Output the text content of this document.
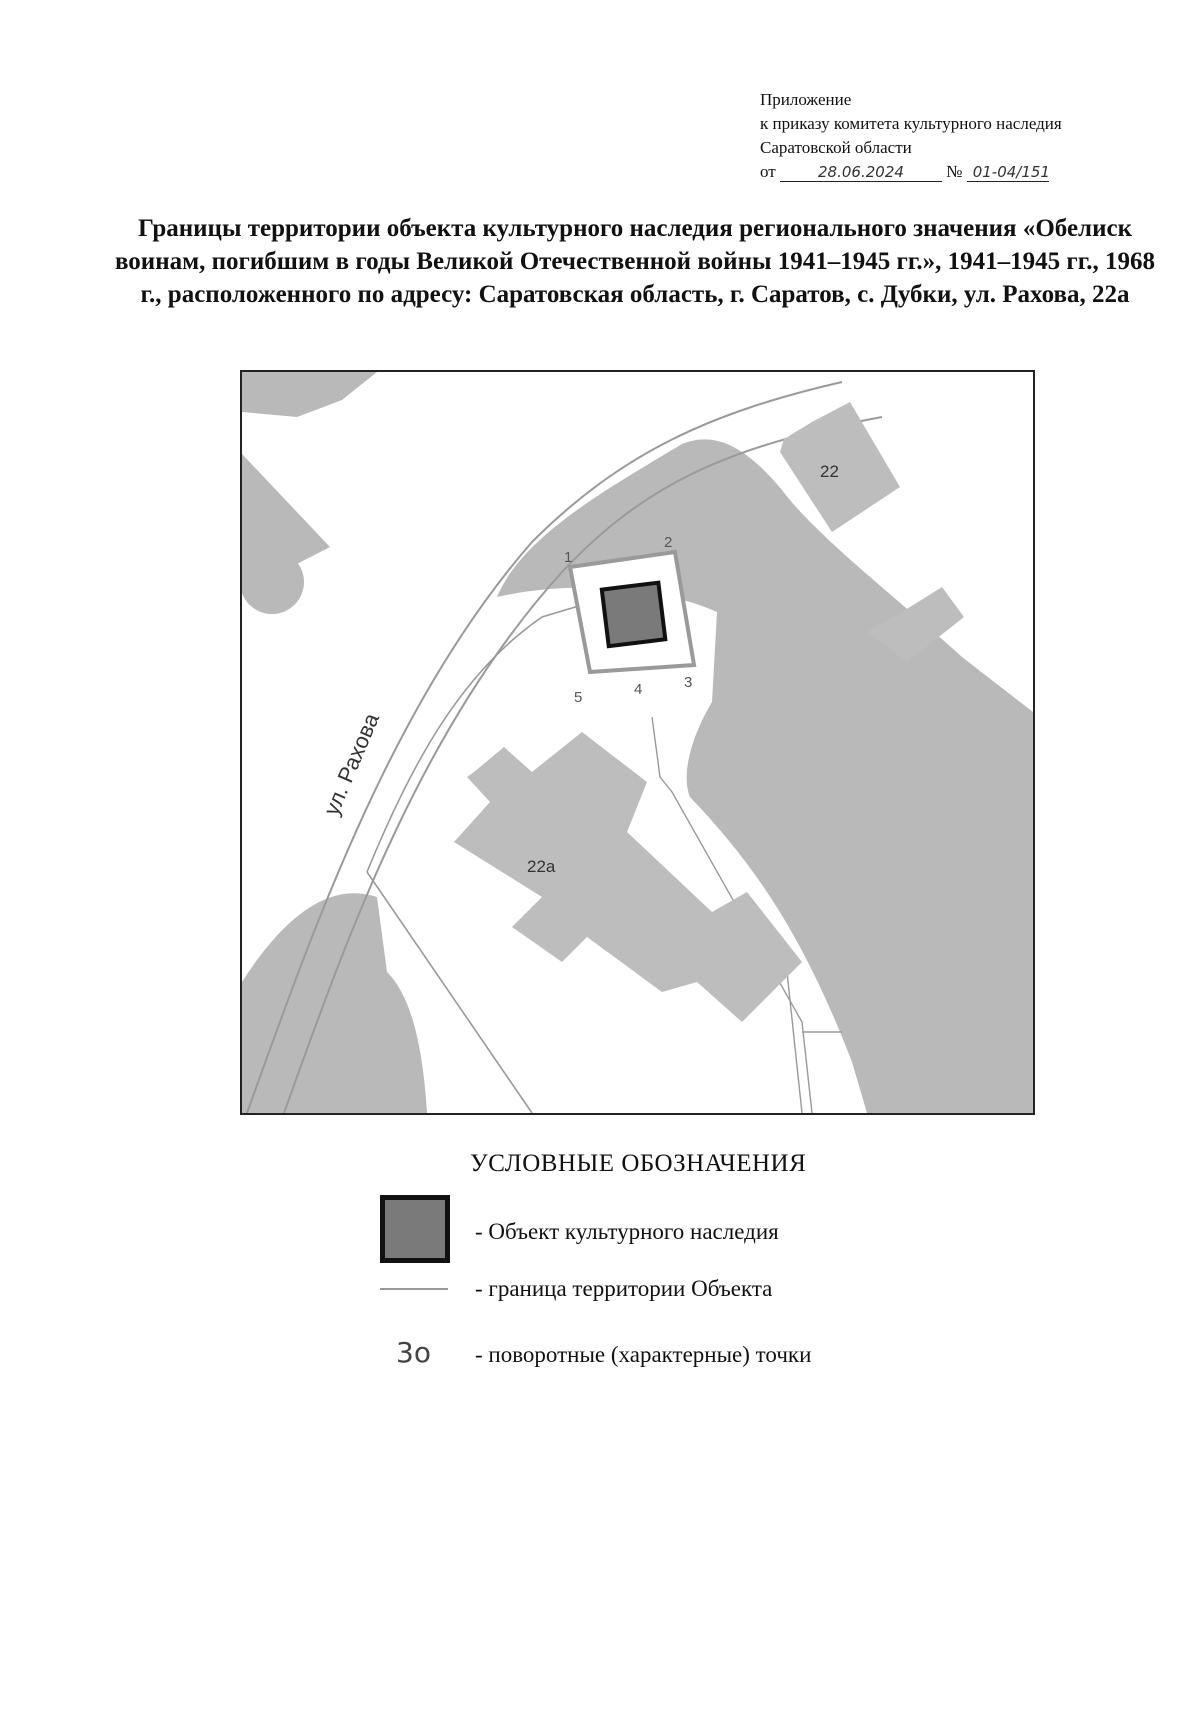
Приложение
к приказу комитета культурного наследия
Саратовской области
от	28.06.2024 № 01-04/151
Границы территории объекта культурного наследия регионального значения «Обелиск воинам, погибшим в годы Великой Отечественной войны 1941–1945 гг.», 1941–1945 гг., 1968 г., расположенного по адресу: Саратовская область, г. Саратов, с. Дубки, ул. Рахова, 22а
1
2
3
4
5
22
22a
ул. Рахова
УСЛОВНЫЕ ОБОЗНАЧЕНИЯ
- Объект культурного наследия
- граница территории Объекта
3о - поворотные (характерные) точки
